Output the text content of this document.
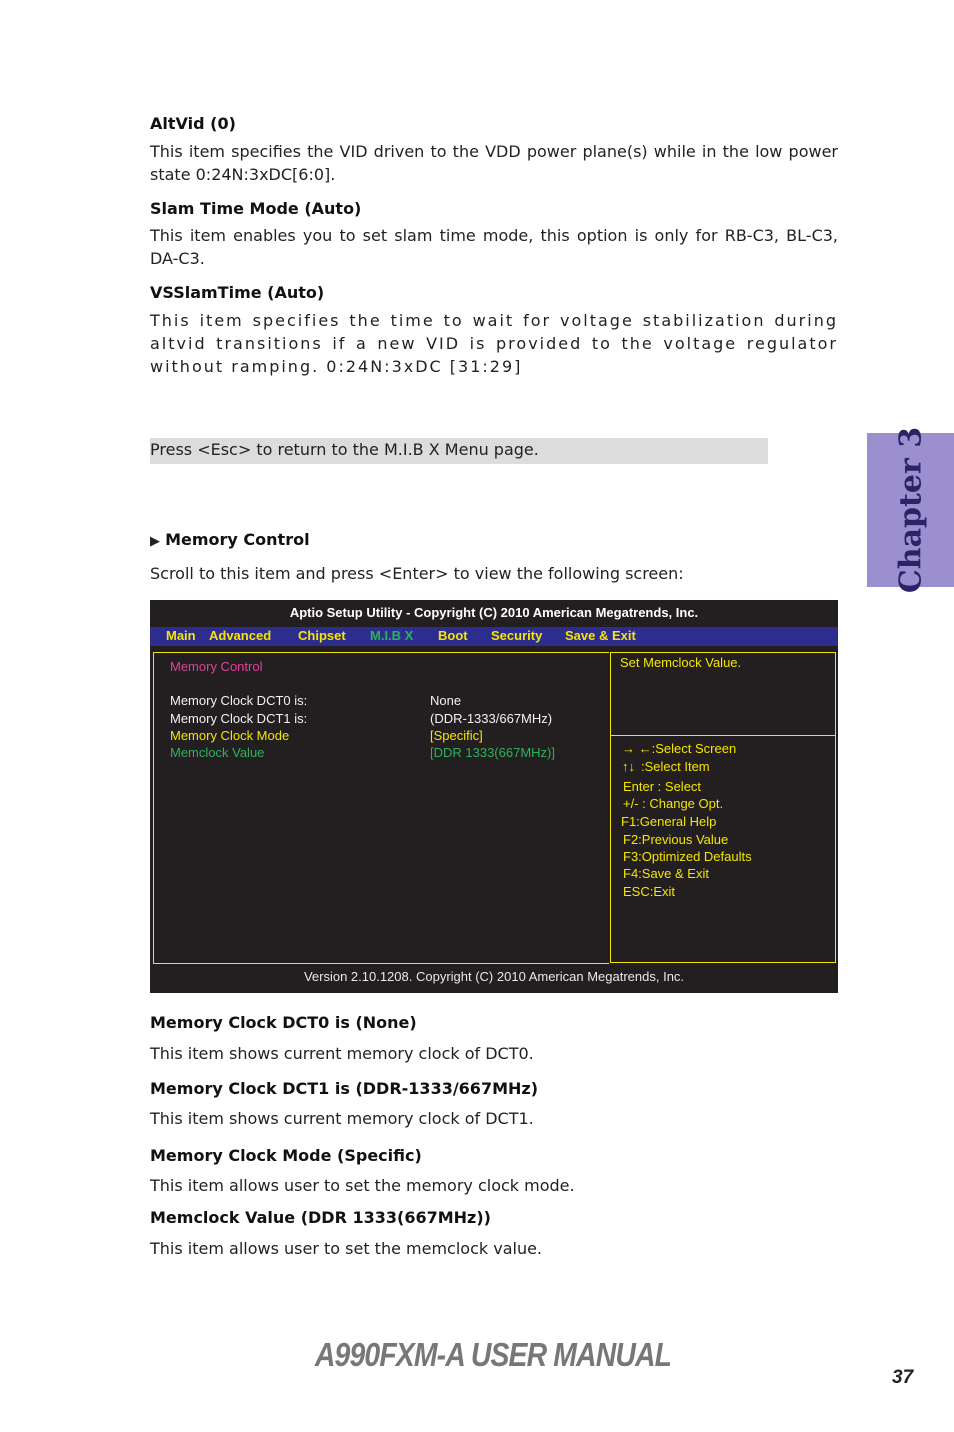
AltVid (0)
This item specifies the VID driven to the VDD power plane(s) while in the low power state 0:24N:3xDC[6:0].
Slam Time Mode (Auto)
This item enables you to set slam time mode, this option is only for RB-C3, BL-C3, DA-C3.
VSSlamTime (Auto)
This item specifies the time to wait for voltage stabilization during altvid transitions if a new VID is provided to the voltage regulator without ramping. 0:24N:3xDC [31:29]
Press <Esc> to return to the M.I.B X Menu page.	Chapter 3
▶ Memory Control
Scroll to this item and press <Enter> to view the following screen:
Aptio Setup Utility - Copyright (C) 2010 American Megatrends, Inc.
Main Advanced Chipset M.I.B X Boot Security Save & Exit
Memory Control
Memory Clock DCT0 is:	None
Memory Clock DCT1 is:	(DDR-1333/667MHz)
Memory Clock Mode	[Specific]
Memclock Value	[DDR 1333(667MHz)]
Set Memclock Value.
→ ←:Select Screen
↑↓ :Select Item
Enter : Select
+/- : Change Opt.
F1:General Help
F2:Previous Value
F3:Optimized Defaults
F4:Save & Exit
ESC:Exit
Version 2.10.1208. Copyright (C) 2010 American Megatrends, Inc.
Memory Clock DCT0 is (None)
This item shows current memory clock of DCT0.
Memory Clock DCT1 is (DDR-1333/667MHz)
This item shows current memory clock of DCT1.
Memory Clock Mode (Specific)
This item allows user to set the memory clock mode.
Memclock Value (DDR 1333(667MHz))
This item allows user to set the memclock value.
A990FXM-A USER MANUAL
37
